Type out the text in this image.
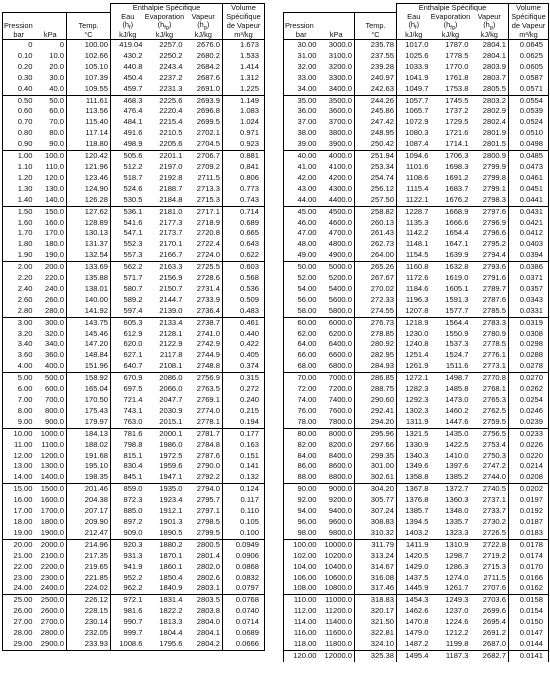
			Enthalpie Spécifique			Volume
			Eau	Evaporation	Vapeur	Spécifique
Pression		Temp.	$(h_f)$	$(h_{fg})$	$(h_g)$	de Vapeur
bar	kPa	°C	kJ/kg	kJ/kg	kJ/kg	m³/kg
0	0	100.00	419.04	2257.0	2676.0	1.673
0.10	10.0	102.66	430.2	2250.2	2680.2	1.533
0.20	20.0	105.10	440.8	2243.4	2684.2	1.414
0.30	30.0	107.39	450.4	2237.2	2687.6	1.312
0.40	40.0	109.55	459.7	2231.3	2691.0	1.225
0.50	50.0	111.61	468.3	2225.6	2693.9	1.149
0.60	60.0	113.56	476.4	2220.4	2696.8	1.083
0.70	70.0	115.40	484.1	2215.4	2699.5	1.024
0.80	80.0	117.14	491.6	2210.5	2702.1	0.971
0.90	90.0	118.80	498.9	2205.6	2704.5	0.923
1.00	100.0	120.42	505.6	2201.1	2706.7	0.881
1.10	110.0	121.96	512.2	2197.0	2709.2	0.841
1.20	120.0	123.46	518.7	2192.8	2711.5	0.806
1.30	130.0	124.90	524.6	2188.7	2713.3	0.773
1.40	140.0	126.28	530.5	2184.8	2715.3	0.743
1.50	150.0	127.62	536.1	2181.0	2717.1	0.714
1.60	160.0	128.89	541.6	2177.3	2718.9	0.689
1.70	170.0	130.13	547.1	2173.7	2720.8	0.665
1.80	180.0	131.37	552.3	2170.1	2722.4	0.643
1.90	190.0	132.54	557.3	2166.7	2724.0	0.622
2.00	200.0	133.69	562.2	2163.3	2725.5	0.603
2.20	220.0	135.88	571.7	2156.9	2728.6	0.568
2.40	240.0	138.01	580.7	2150.7	2731.4	0.536
2.60	260.0	140.00	589.2	2144.7	2733.9	0.509
2.80	280.0	141.92	597.4	2139.0	2736.4	0.483
3.00	300.0	143.75	605.3	2133.4	2738.7	0.461
3.20	320.0	145.46	612.9	2128.1	2741.0	0.440
3.40	340.0	147.20	620.0	2122.9	2742.9	0.422
3.60	360.0	148.84	627.1	2117.8	2744.9	0.405
4.00	400.0	151.96	640.7	2108.1	2748.8	0.374
5.00	500.0	158.92	670.9	2086.0	2756.9	0.315
6.00	600.0	165.04	697.5	2066.0	2763.5	0.272
7.00	700.0	170.50	721.4	2047.7	2769.1	0.240
8.00	800.0	175.43	743.1	2030.9	2774.0	0.215
9.00	900.0	179.97	763.0	2015.1	2778.1	0.194
10.00	1000.0	184.13	781.6	2000.1	2781.7	0.177
11.00	1100.0	188.02	798.8	1986.0	2784.8	0.163
12.00	1200.0	191.68	815.1	1972.5	2787.6	0.151
13.00	1300.0	195.10	830.4	1959.6	2790.0	0.141
14.00	1400.0	198.35	845.1	1947.1	2792.2	0.132
15.00	1500.0	201.46	859.0	1935.0	2794.0	0.124
16.00	1600.0	204.38	872.3	1923.4	2795.7	0.117
17.00	1700.0	207.17	885.0	1912.1	2797.1	0.110
18.00	1800.0	209.90	897.2	1901.3	2798.5	0.105
19.00	1900.0	212.47	909.0	1890.5	2799.5	0.100
20.00	2000.0	214.96	920.3	1880.2	2800.5	0.0949
21.00	2100.0	217.35	931.3	1870.1	2801.4	0.0906
22.00	2200.0	219.65	941.9	1860.1	2802.0	0.0868
23.00	2300.0	221.85	952.2	1850.4	2802.6	0.0832
24.00	2400.0	224.02	962.2	1840.9	2803.1	0.0797
25.00	2500.0	226.12	972.1	1831.4	2803.5	0.0768
26.00	2600.0	228.15	981.6	1822.2	2803.8	0.0740
27.00	2700.0	230.14	990.7	1813.3	2804.0	0.0714
28.00	2800.0	232.05	999.7	1804.4	2804.1	0.0689
29.00	2900.0	233.93	1008.6	1795.6	2804.2	0.0666
			Enthalpie Spécifique			Volume
			Eau	Evaporation	Vapeur	Spécifique
Pression		Temp.	$(h_f)$	$(h_{fg})$	$(h_g)$	de Vapeur
bar	kPa	°C	kJ/kg	kJ/kg	kJ/kg	m³/kg
30.00	3000.0	235.78	1017.0	1787.0	2804.1	0.0645
31.00	3100.0	237.55	1025.6	1778.5	2804.1	0.0625
32.00	3200.0	239.28	1033.9	1770.0	2803.9	0.0605
33.00	3300.0	240.97	1041.9	1761.8	2803.7	0.0587
34.00	3400.0	242.63	1049.7	1753.8	2805.5	0.0571
35.00	3500.0	244.26	1057.7	1745.5	2803.2	0.0554
36.00	3600.0	245.86	1065.7	1737.2	2802.9	0.0539
37.00	3700.0	247.42	1072.9	1729.5	2802.4	0.0524
38.00	3800.0	248.95	1080.3	1721.6	2801.9	0.0510
39.00	3900.0	250.42	1087.4	1714.1	2801.5	0.0498
40.00	4000.0	251.94	1094.6	1706.3	2800.9	0.0485
41.00	4100.0	253.34	1101.6	1698.3	2799.9	0.0473
42.00	4200.0	254.74	1108.6	1691.2	2799.8	0.0461
43.00	4300.0	256.12	1115.4	1683.7	2799.1	0.0451
44.00	4400.0	257.50	1122.1	1676.2	2798.3	0.0441
45.00	4500.0	258.82	1228.7	1668.9	2797.6	0.0431
46.00	4600.0	260.13	1135.3	1666.6	2796.9	0.0421
47.00	4700.0	261.43	1142.2	1654.4	2796.6	0.0412
48.00	4800.0	262.73	1148.1	1647.1	2795.2	0.0403
49.00	4900.0	264.00	1154.5	1639.9	2794.4	0.0394
50.00	5000.0	265.26	1160.8	1632.8	2793.6	0.0386
52.00	5200.0	267.67	1172.6	1619.0	2791.6	0.0371
54.00	5400.0	270.02	1184.6	1605.1	2789.7	0.0357
56.00	5600.0	272.33	1196.3	1591.3	2787.6	0.0343
58.00	5800.0	274.55	1207.8	1577.7	2785.5	0.0331
60.00	6000.0	276.73	1218.9	1564.4	2783.3	0.0319
62.00	6200.0	278.85	1230.0	1550.9	2780.9	0.0308
64.00	6400.0	280.92	1240.8	1537.3	2778.5	0.0298
66.00	6600.0	282.95	1251.4	1524.7	2776.1	0.0288
68.00	6800.0	284.93	1261.9	1511.6	2773.1	0.0278
70.00	7000.0	286.85	1272.1	1498.7	2770.8	0.0270
72.00	7200.0	288.75	1282.3	1485.8	2768.1	0.0262
74.00	7400.0	290.60	1292.3	1473.0	2765.3	0.0254
76.00	7600.0	292.41	1302.3	1460.2	2762.5	0.0246
78.00	7800.0	294.20	1311.9	1447.6	2759.5	0.0239
80.00	8000.0	295.96	1321.5	1435.0	2756.5	0.0233
82.00	8200.0	297.66	1330.9	1422.5	2753.4	0.0226
84.00	8400.0	299.35	1340.3	1410.0	2750.3	0.0220
86.00	8600.0	301.00	1349.6	1397.6	2747.2	0.0214
88.00	8800.0	302.61	1358.8	1385.2	2744.0	0.0208
90.00	9000.0	304.20	1367.8	1372.7	2740.5	0.0202
92.00	9200.0	305.77	1376.8	1360.3	2737.1	0.0197
94.00	9400.0	307.24	1385.7	1348.0	2733.7	0.0192
96.00	9600.0	308.83	1394.5	1335.7	2730.2	0.0187
98.00	9800.0	310.32	1403.2	1323.3	2726.5	0.0183
100.00	10000.0	311.79	1411.9	1310.9	2722.8	0.0178
102.00	10200.0	313.24	1420.5	1298.7	2719.2	0.0174
104.00	10400.0	314.67	1429.0	1286.3	2715.3	0.0170
106.00	10600.0	316.08	1437.5	1274.0	2711.5	0.0166
108.00	10800.0	317.46	1445.9	1261.7	2707.6	0.0162
110.00	11000.0	318.83	1454.3	1249.3	2703.6	0.0158
112.00	11200.0	320.17	1462.6	1237.0	2699.6	0.0154
114.00	11400.0	321.50	1470.8	1224.6	2695.4	0.0150
116.00	11600.0	322.81	1479.0	1212.2	2691.2	0.0147
118.00	11800.0	324.10	1487.2	1199.8	2687.0	0.0144
120.00	12000.0	325.38	1495.4	1187.3	2682.7	0.0141
